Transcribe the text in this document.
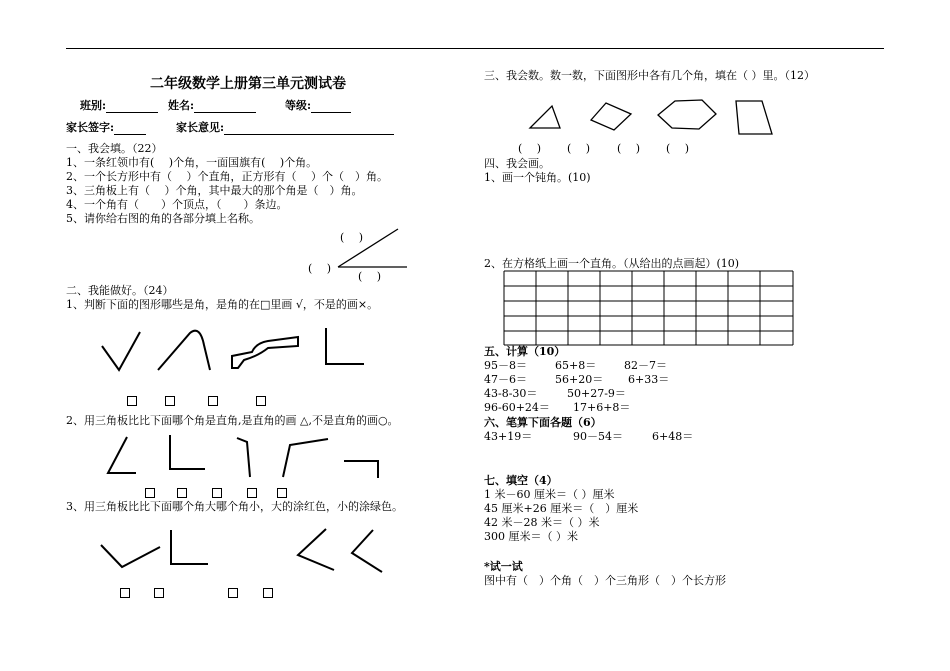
二年级数学上册第三单元测试卷
班别:	姓名:	等级:
家长签字:	家长意见:
一、我会填。（22）
1、一条红领巾有(　 )个角，一面国旗有(　 )个角。
2、一个长方形中有（　 ）个直角，正方形有（　 ）个（　）角。
3、三角板上有（　 ）个角，其中最大的那个角是（　）角。
4、一个角有（　　）个顶点，（　　）条边。
5、请你给右图的角的各部分填上名称。
(　 )
(　 )
(　 )
二、我能做好。（24）
1、判断下面的图形哪些是角，是角的在□里画 √，不是的画×。
2、用三角板比比下面哪个角是直角,是直角的画 △,不是直角的画○。
3、用三角板比比下面哪个角大哪个角小，大的涂红色，小的涂绿色。
三、我会数。数一数，下面图形中各有几个角，填在（ ）里。（12）
(　 ) (　 ) (　 ) (　 )
四、我会画。
1、画一个钝角。(10)
2、在方格纸上画一个直角。（从给出的点画起）(10)
五、计算（10）
95－8＝	65+8＝	82－7＝
47－6＝	56+20＝ 6+33＝
43-8-30＝	50+27-9＝
96-60+24＝ 17+6+8＝
六、笔算下面各题（6）
43+19＝	90－54＝	6+48＝
七、填空（4）
1 米－60 厘米＝（ ）厘米
45 厘米+26 厘米＝（　）厘米
42 米－28 米＝（ ）米
300 厘米＝（ ）米
*试一试
图中有（　）个角（　）个三角形（　）个长方形
